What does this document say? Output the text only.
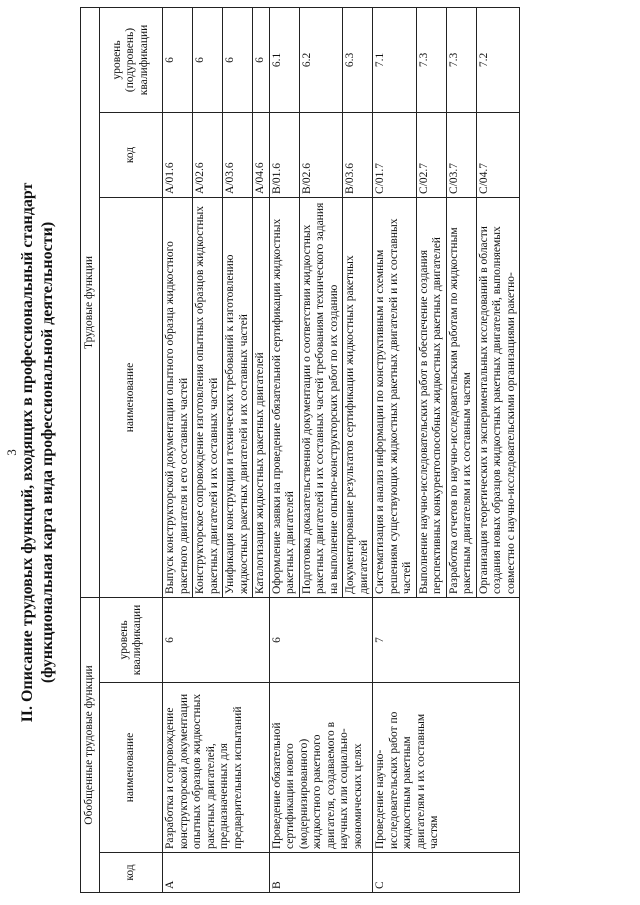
3 II. Описание трудовых функций, входящих в профессиональный стандарт (функциональная карта вида профессиональной деятельности)
Обобщенные трудовые функции			Трудовые функции		
код	наименование	уровень квалификации	наименование	код	уровень (подуровень) квалификации
A	Разработка и сопровождение конструкторской документации опытных образцов жидкостных ракетных двигателей, предназначенных для предварительных испытаний	6	Выпуск конструкторской документации опытного образца жидкостного ракетного двигателя и его составных частей	A/01.6	6
			Конструкторское сопровождение изготовления опытных образцов жидкостных ракетных двигателей и их составных частей	A/02.6	6
			Унификация конструкции и технических требований к изготовлению жидкостных ракетных двигателей и их составных частей	A/03.6	6
			Каталогизация жидкостных ракетных двигателей	A/04.6	6
B	Проведение обязательной сертификации нового (модернизированного) жидкостного ракетного двигателя, создаваемого в научных или социально-экономических целях	6	Оформление заявки на проведение обязательной сертификации жидкостных ракетных двигателей	B/01.6	6.1
			Подготовка доказательственной документации о соответствии жидкостных ракетных двигателей и их составных частей требованиям технического задания на выполнение опытно-конструкторских работ по их созданию	B/02.6	6.2
			Документирование результатов сертификации жидкостных ракетных двигателей	B/03.6	6.3
C	Проведение научно-исследовательских работ по жидкостным ракетным двигателям и их составным частям	7	Систематизация и анализ информации по конструктивным и схемным решениям существующих жидкостных ракетных двигателей и их составных частей	C/01.7	7.1
			Выполнение научно-исследовательских работ в обеспечение создания перспективных конкурентоспособных жидкостных ракетных двигателей	C/02.7	7.3
			Разработка отчетов по научно-исследовательским работам по жидкостным ракетным двигателям и их составным частям	C/03.7	7.3
			Организация теоретических и экспериментальных исследований в области создания новых образцов жидкостных ракетных двигателей, выполняемых совместно с научно-исследовательскими организациями ракетно-	C/04.7	7.2
